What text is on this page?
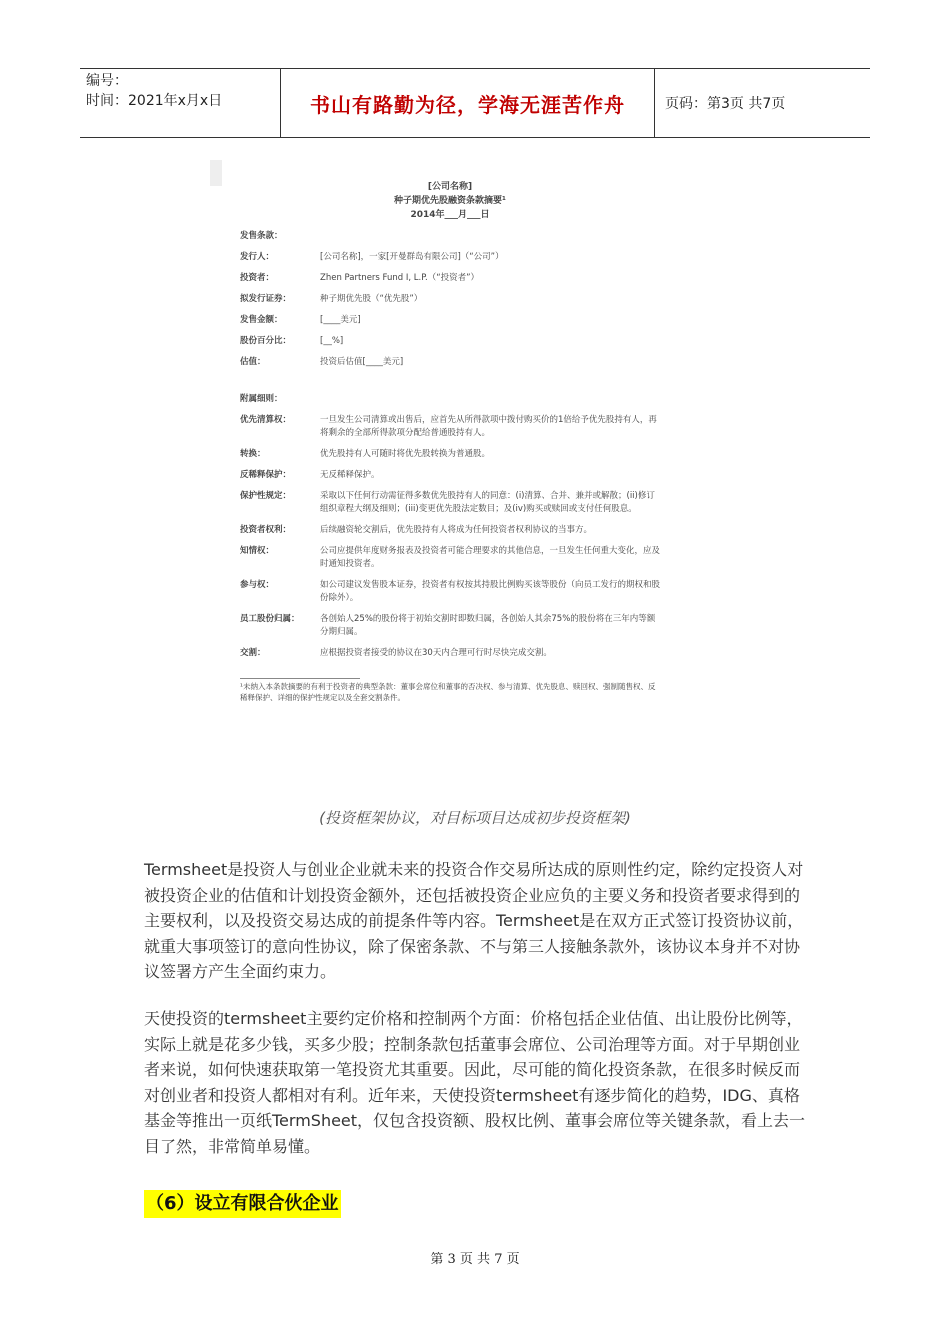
编号：
时间：2021年x月x日	书山有路勤为径，学海无涯苦作舟	页码：第3页 共7页
[公司名称]
种子期优先股融资条款摘要¹
2014年___月___日
发售条款：
发行人：	[公司名称]，一家[开曼群岛有限公司]（“公司”）
投资者：	Zhen Partners Fund I, L.P.（“投资者”）
拟发行证券：	种子期优先股（“优先股”）
发售金额：	[____美元]
股份百分比：	[__%]
估值：	投资后估值[____美元]
附属细则：
优先清算权：	一旦发生公司清算或出售后，应首先从所得款项中拨付购买价的1倍给予优先股持有人，再将剩余的全部所得款项分配给普通股持有人。
转换：	优先股持有人可随时将优先股转换为普通股。
反稀释保护：	无反稀释保护。
保护性规定：	采取以下任何行动需征得多数优先股持有人的同意：(i)清算、合并、兼并或解散；(ii)修订组织章程大纲及细则；(iii)变更优先股法定数目；及(iv)购买或赎回或支付任何股息。
投资者权利：	后续融资轮交割后，优先股持有人将成为任何投资者权利协议的当事方。
知情权：	公司应提供年度财务报表及投资者可能合理要求的其他信息，一旦发生任何重大变化，应及时通知投资者。
参与权：	如公司建议发售股本证券，投资者有权按其持股比例购买该等股份（向员工发行的期权和股份除外）。
员工股份归属：	各创始人25%的股份将于初始交割时即数归属，各创始人其余75%的股份将在三年内等额分期归属。
交割：	应根据投资者接受的协议在30天内合理可行时尽快完成交割。
¹未纳入本条款摘要的有利于投资者的典型条款：董事会席位和董事的否决权、参与清算、优先股息、赎回权、强制随售权、反稀释保护、详细的保护性规定以及全套交割条件。
(投资框架协议，对目标项目达成初步投资框架)
Termsheet是投资人与创业企业就未来的投资合作交易所达成的原则性约定，除约定投资人对被投资企业的估值和计划投资金额外，还包括被投资企业应负的主要义务和投资者要求得到的主要权利，以及投资交易达成的前提条件等内容。Termsheet是在双方正式签订投资协议前，就重大事项签订的意向性协议，除了保密条款、不与第三人接触条款外，该协议本身并不对协议签署方产生全面约束力。
天使投资的termsheet主要约定价格和控制两个方面：价格包括企业估值、出让股份比例等，实际上就是花多少钱，买多少股；控制条款包括董事会席位、公司治理等方面。对于早期创业者来说，如何快速获取第一笔投资尤其重要。因此，尽可能的简化投资条款，在很多时候反而对创业者和投资人都相对有利。近年来，天使投资termsheet有逐步简化的趋势，IDG、真格基金等推出一页纸TermSheet，仅包含投资额、股权比例、董事会席位等关键条款，看上去一目了然，非常简单易懂。
（6）设立有限合伙企业
第 3 页 共 7 页
